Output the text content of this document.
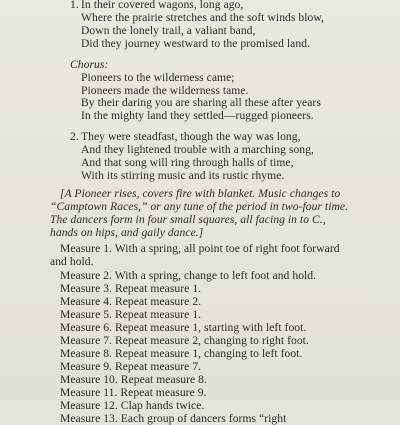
1. In their covered wagons, long ago,
Where the prairie stretches and the soft winds blow,
Down the lonely trail, a valiant band,
Did they journey westward to the promised land.
Chorus:
Pioneers to the wilderness came;
Pioneers made the wilderness tame.
By their daring you are sharing all these after years
In the mighty land they settled—rugged pioneers.
2. They were steadfast, though the way was long,
And they lightened trouble with a marching song,
And that song will ring through halls of time,
With its stirring music and its rustic rhyme.
[A Pioneer rises, covers fire with blanket. Music changes to
“Camptown Races,” or any tune of the period in two-four time.
The dancers form in four small squares, all facing in to C.,
hands on hips, and gaily dance.]
Measure 1. With a spring, all point toe of right foot forward
and hold.
Measure 2. With a spring, change to left foot and hold.
Measure 3. Repeat measure 1.
Measure 4. Repeat measure 2.
Measure 5. Repeat measure 1.
Measure 6. Repeat measure 1, starting with left foot.
Measure 7. Repeat measure 2, changing to right foot.
Measure 8. Repeat measure 1, changing to left foot.
Measure 9. Repeat measure 7.
Measure 10. Repeat measure 8.
Measure 11. Repeat measure 9.
Measure 12. Clap hands twice.
Measure 13. Each group of dancers forms “right
